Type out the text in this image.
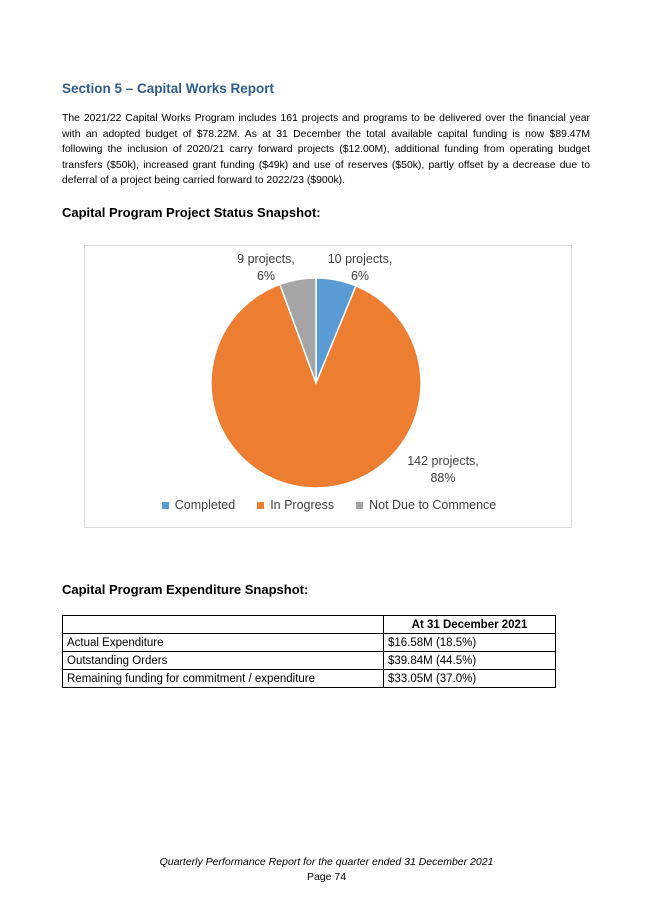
Section 5 – Capital Works Report

The 2021/22 Capital Works Program includes 161 projects and programs to be delivered over the financial year with an adopted budget of $78.22M. As at 31 December the total available capital funding is now $89.47M following the inclusion of 2020/21 carry forward projects ($12.00M), additional funding from operating budget transfers ($50k), increased grant funding ($49k) and use of reserves ($50k), partly offset by a decrease due to deferral of a project being carried forward to 2022/23 ($900k).

Capital Program Project Status Snapshot:
9 projects,
6%
10 projects,
6%
142 projects,
88%
Completed	In Progress	Not Due to Commence
Capital Program Expenditure Snapshot:
	At 31 December 2021
Actual Expenditure	$16.58M (18.5%)
Outstanding Orders	$39.84M (44.5%)
Remaining funding for commitment / expenditure	$33.05M (37.0%)
Quarterly Performance Report for the quarter ended 31 December 2021
Page 74
